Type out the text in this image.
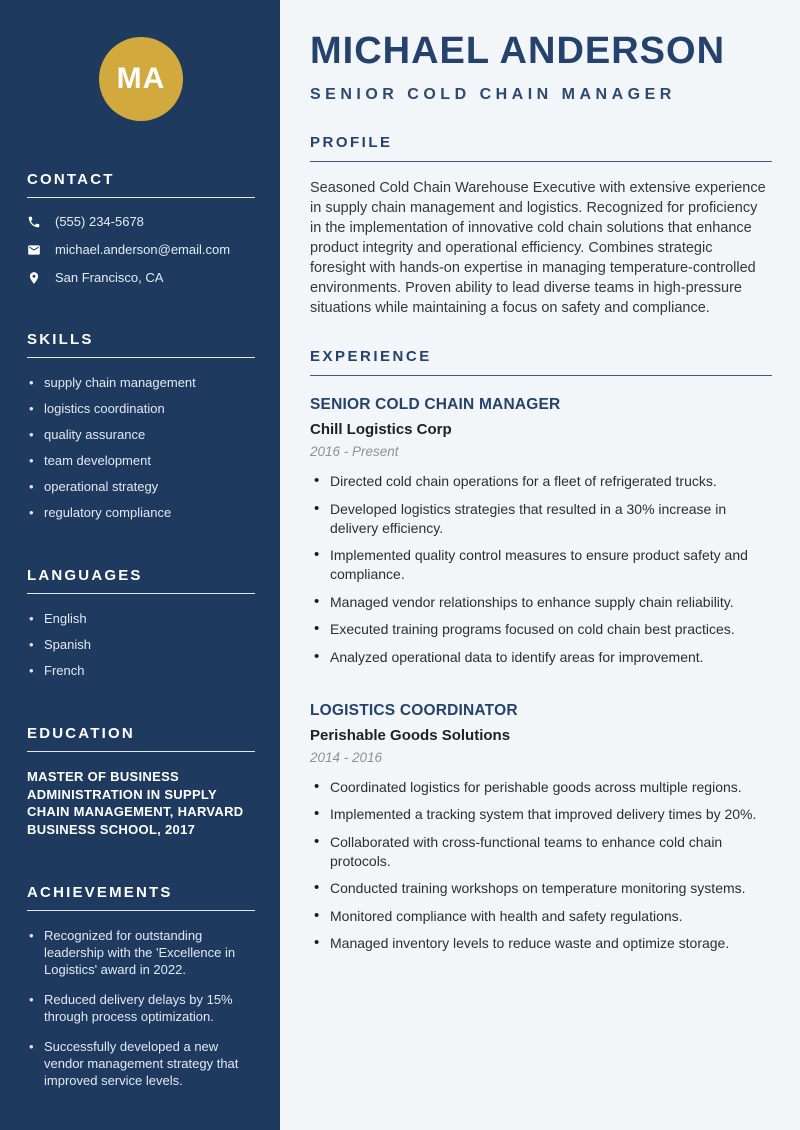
MA
CONTACT
(555) 234-5678
michael.anderson@email.com
San Francisco, CA
SKILLS
• supply chain management
• logistics coordination
• quality assurance
• team development
• operational strategy
• regulatory compliance
LANGUAGES
• English
• Spanish
• French
EDUCATION

MASTER OF BUSINESS ADMINISTRATION IN SUPPLY CHAIN MANAGEMENT, HARVARD BUSINESS SCHOOL, 2017

ACHIEVEMENTS
• Recognized for outstanding leadership with the 'Excellence in Logistics' award in 2022.
• Reduced delivery delays by 15% through process optimization.
• Successfully developed a new vendor management strategy that improved service levels.
MICHAEL ANDERSON
SENIOR COLD CHAIN MANAGER
PROFILE

Seasoned Cold Chain Warehouse Executive with extensive experience in supply chain management and logistics. Recognized for proficiency in the implementation of innovative cold chain solutions that enhance product integrity and operational efficiency. Combines strategic foresight with hands-on expertise in managing temperature-controlled environments. Proven ability to lead diverse teams in high-pressure situations while maintaining a focus on safety and compliance.

EXPERIENCE
SENIOR COLD CHAIN MANAGER
Chill Logistics Corp
2016 - Present
• Directed cold chain operations for a fleet of refrigerated trucks.
• Developed logistics strategies that resulted in a 30% increase in delivery efficiency.
• Implemented quality control measures to ensure product safety and compliance.
• Managed vendor relationships to enhance supply chain reliability.
• Executed training programs focused on cold chain best practices.
• Analyzed operational data to identify areas for improvement.
LOGISTICS COORDINATOR
Perishable Goods Solutions
2014 - 2016
• Coordinated logistics for perishable goods across multiple regions.
• Implemented a tracking system that improved delivery times by 20%.
• Collaborated with cross-functional teams to enhance cold chain protocols.
• Conducted training workshops on temperature monitoring systems.
• Monitored compliance with health and safety regulations.
• Managed inventory levels to reduce waste and optimize storage.
